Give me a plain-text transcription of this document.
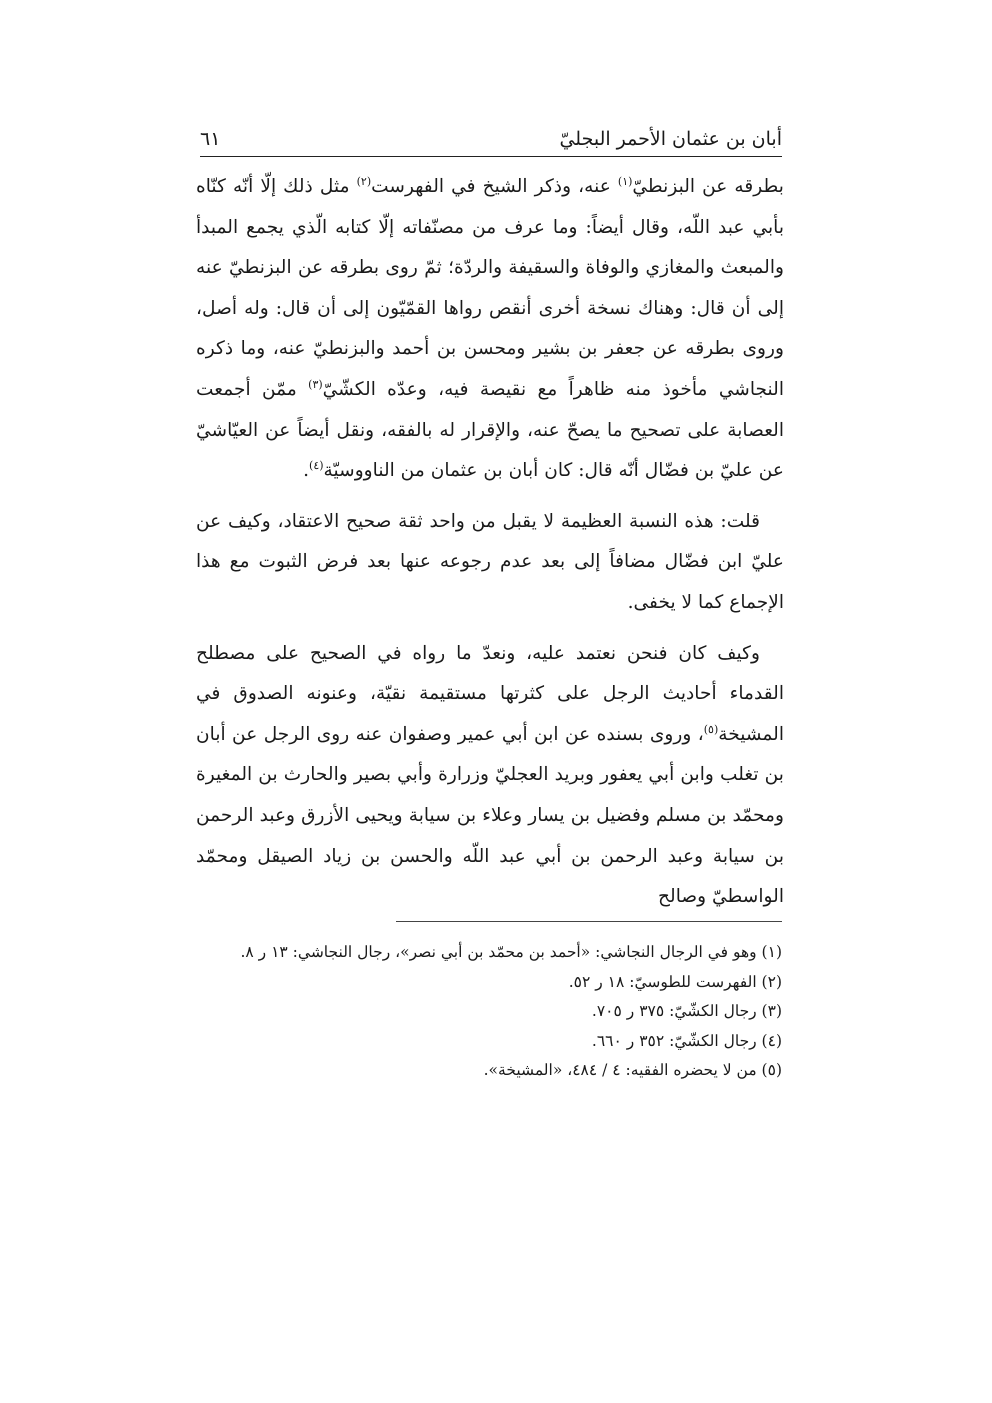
أبان بن عثمان الأحمر البجليّ
٦١

بطرقه عن البزنطيّ$^{(١)}$ عنه، وذكر الشيخ في الفهرست$^{(٢)}$ مثل ذلك إلّا أنّه كنّاه بأبي عبد اللّه، وقال أيضاً: وما عرف من مصنّفاته إلّا كتابه الّذي يجمع المبدأ والمبعث والمغازي والوفاة والسقيفة والردّة؛ ثمّ روى بطرقه عن البزنطيّ عنه إلى أن قال: وهناك نسخة أخرى أنقص رواها القمّيّون إلى أن قال: وله أصل، وروى بطرقه عن جعفر بن بشير ومحسن بن أحمد والبزنطيّ عنه، وما ذكره النجاشي مأخوذ منه ظاهراً مع نقيصة فيه، وعدّه الكشّيّ$^{(٣)}$ ممّن أجمعت العصابة على تصحيح ما يصحّ عنه، والإقرار له بالفقه، ونقل أيضاً عن العيّاشيّ عن عليّ بن فضّال أنّه قال: كان أبان بن عثمان من الناووسيّة$^{(٤)}$.

قلت: هذه النسبة العظيمة لا يقبل من واحد ثقة صحيح الاعتقاد، وكيف عن عليّ ابن فضّال مضافاً إلى بعد عدم رجوعه عنها بعد فرض الثبوت مع هذا الإجماع كما لا يخفى.

وكيف كان فنحن نعتمد عليه، ونعدّ ما رواه في الصحيح على مصطلح القدماء أحاديث الرجل على كثرتها مستقيمة نقيّة، وعنونه الصدوق في المشيخة$^{(٥)}$، وروى بسنده عن ابن أبي عمير وصفوان عنه روى الرجل عن أبان بن تغلب وابن أبي يعفور وبريد العجليّ وزرارة وأبي بصير والحارث بن المغيرة ومحمّد بن مسلم وفضيل بن يسار وعلاء بن سيابة ويحيى الأزرق وعبد الرحمن بن سيابة وعبد الرحمن بن أبي عبد اللّه والحسن بن زياد الصيقل ومحمّد الواسطيّ وصالح

(١) وهو في الرجال النجاشي: «أحمد بن محمّد بن أبي نصر»، رجال النجاشي: ١٣ ر ٨.
(٢) الفهرست للطوسيّ: ١٨ ر ٥٢.
(٣) رجال الكشّيّ: ٣٧٥ ر ٧٠٥.
(٤) رجال الكشّيّ: ٣٥٢ ر ٦٦٠.
(٥) من لا يحضره الفقيه: ٤ / ٤٨٤، «المشيخة».
